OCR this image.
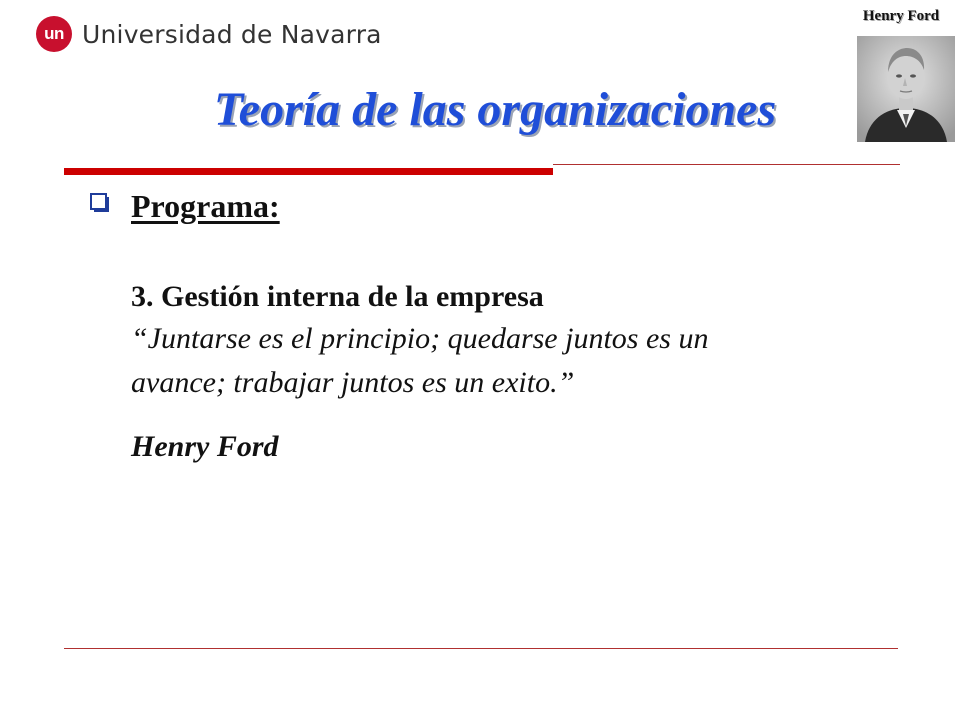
un Universidad de Navarra
Henry Ford
Teoría de las organizaciones
Programa:
3. Gestión interna de la empresa
“Juntarse es el principio; quedarse juntos es un
avance; trabajar juntos es un exito.”
Henry Ford
